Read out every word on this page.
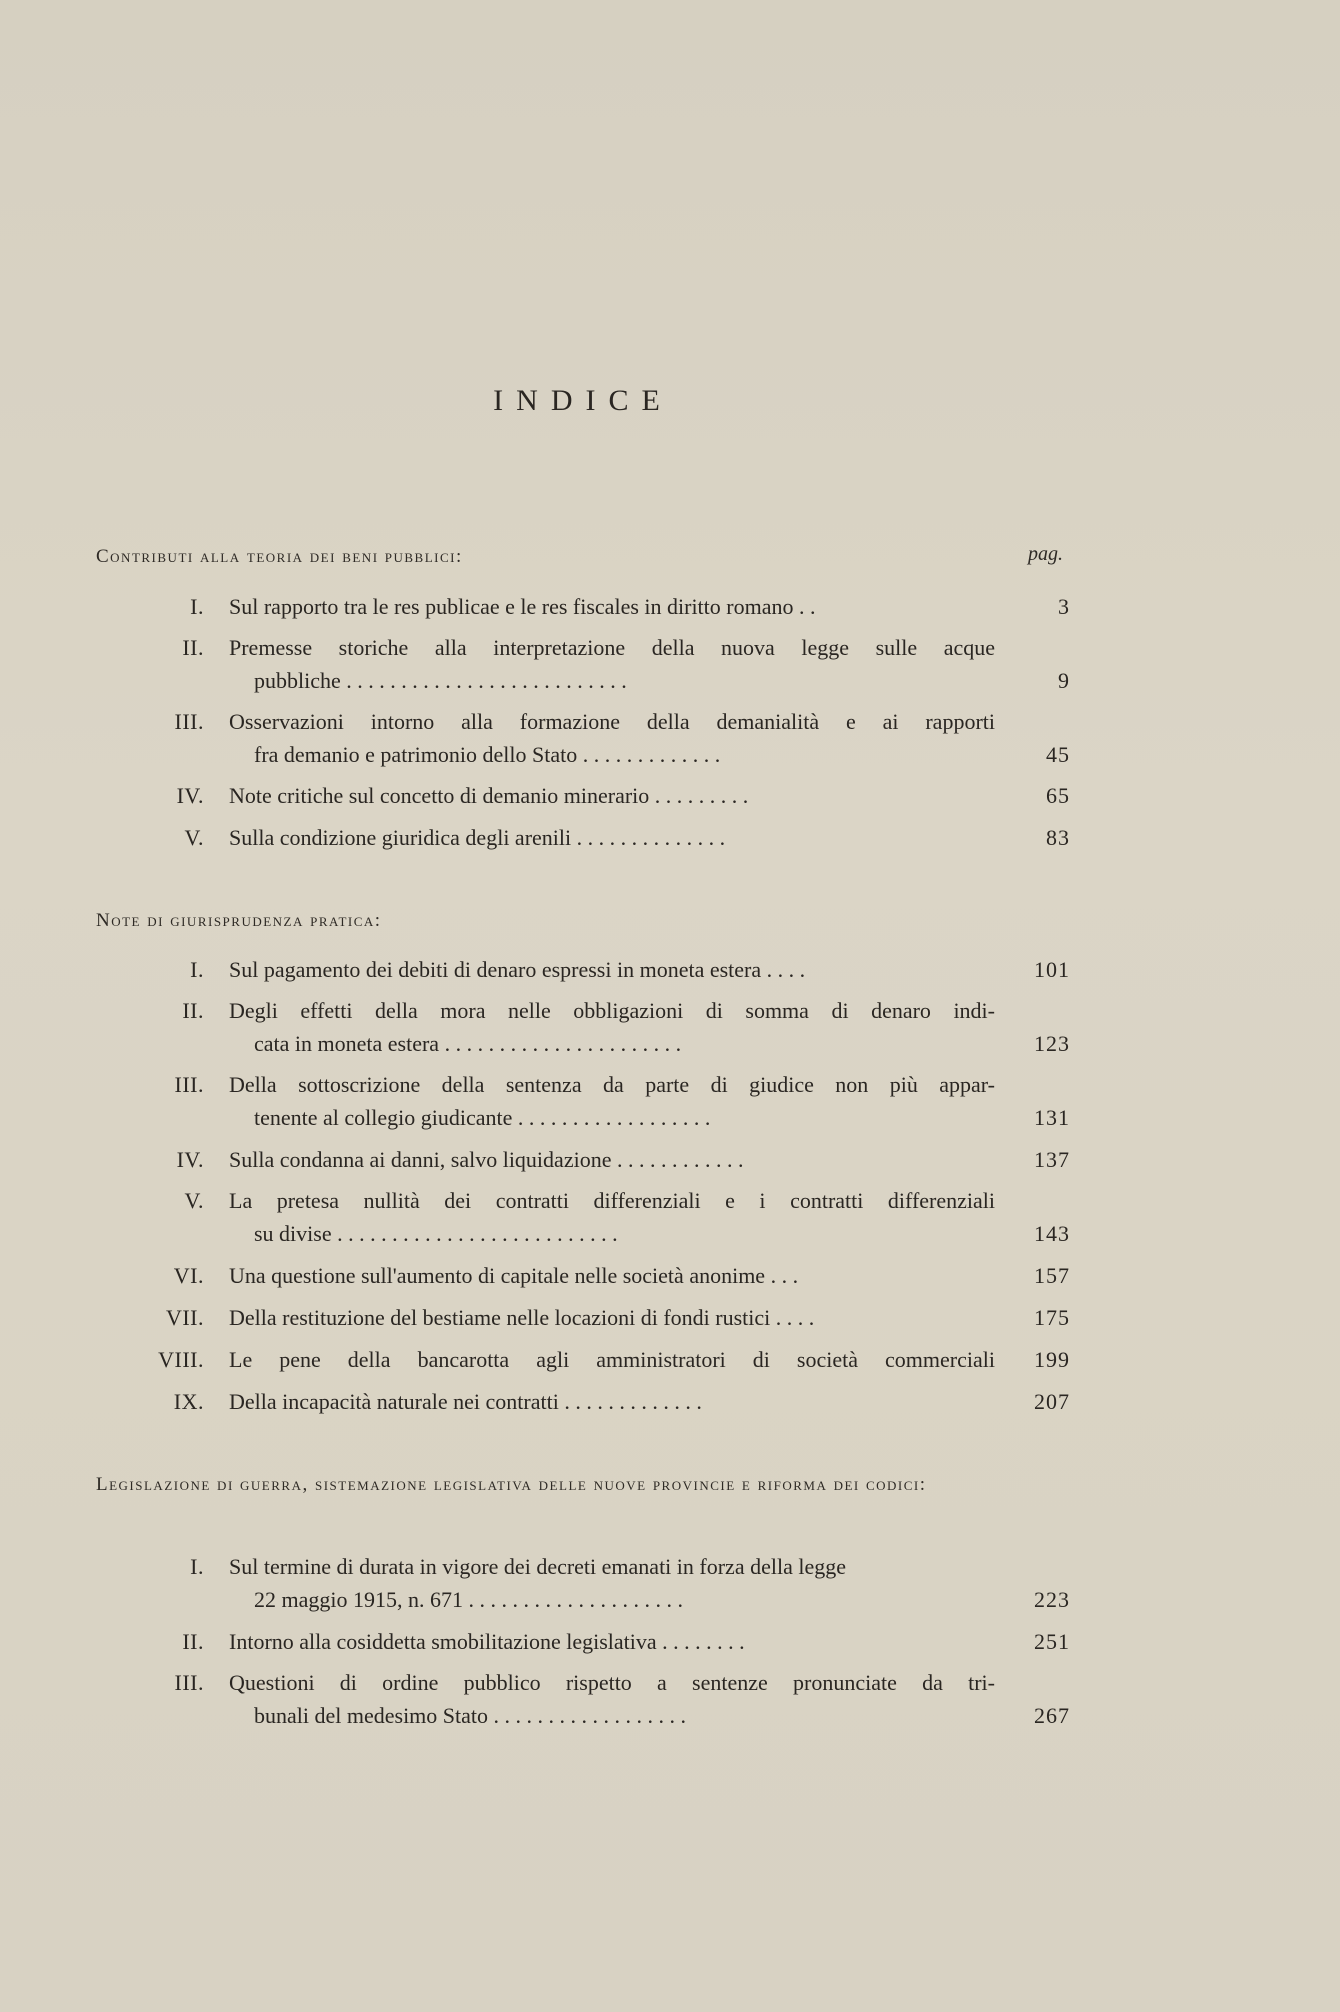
INDICE
Contributi alla teoria dei beni pubblici:	pag.
I. Sul rapporto tra le res publicae e le res fiscales in diritto romano . .	3
II. Premesse storiche alla interpretazione della nuova legge sulle acque
pubbliche . . . . . . . . . . . . . . . . . . . . . . . . . .	9
III. Osservazioni intorno alla formazione della demanialità e ai rapporti
fra demanio e patrimonio dello Stato . . . . . . . . . . . . .	45
IV. Note critiche sul concetto di demanio minerario . . . . . . . . .	65
V. Sulla condizione giuridica degli arenili . . . . . . . . . . . . . .	83
Note di giurisprudenza pratica:
I. Sul pagamento dei debiti di denaro espressi in moneta estera . . . .	101
II. Degli effetti della mora nelle obbligazioni di somma di denaro indi-
cata in moneta estera . . . . . . . . . . . . . . . . . . . . . .	123
III. Della sottoscrizione della sentenza da parte di giudice non più appar-
tenente al collegio giudicante . . . . . . . . . . . . . . . . . .	131
IV. Sulla condanna ai danni, salvo liquidazione . . . . . . . . . . . .	137
V. La pretesa nullità dei contratti differenziali e i contratti differenziali
su divise . . . . . . . . . . . . . . . . . . . . . . . . . .	143
VI. Una questione sull'aumento di capitale nelle società anonime . . .	157
VII. Della restituzione del bestiame nelle locazioni di fondi rustici . . . .	175
VIII. Le pene della bancarotta agli amministratori di società commerciali	199
IX. Della incapacità naturale nei contratti . . . . . . . . . . . . .	207
Legislazione di guerra, sistemazione legislativa delle nuove provincie e riforma dei codici:
I. Sul termine di durata in vigore dei decreti emanati in forza della legge
22 maggio 1915, n. 671 . . . . . . . . . . . . . . . . . . . .	223
II. Intorno alla cosiddetta smobilitazione legislativa . . . . . . . .	251
III. Questioni di ordine pubblico rispetto a sentenze pronunciate da tri-
bunali del medesimo Stato . . . . . . . . . . . . . . . . . .	267
